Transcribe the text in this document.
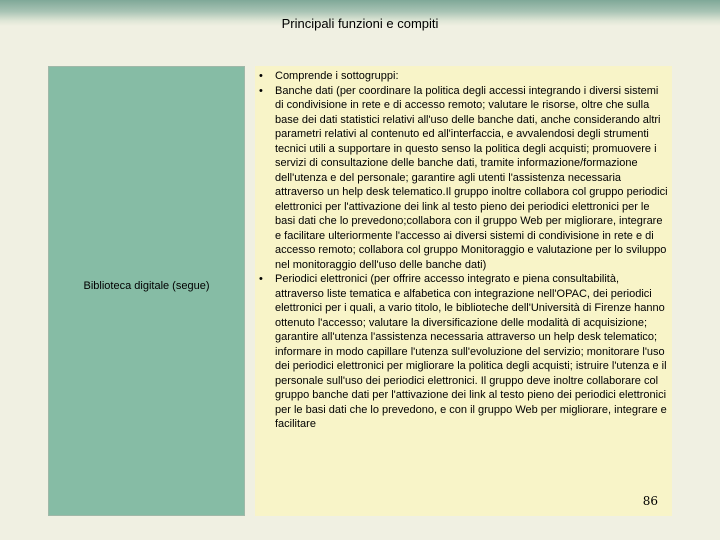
Principali funzioni e compiti
Biblioteca digitale (segue)
• Comprende i sottogruppi:
• Banche dati (per coordinare la politica degli accessi integrando i diversi sistemi di condivisione in rete e di accesso remoto; valutare le risorse, oltre che sulla base dei dati statistici relativi all'uso delle banche dati, anche considerando altri parametri relativi al contenuto ed all'interfaccia, e avvalendosi degli strumenti tecnici utili a supportare in questo senso la politica degli acquisti; promuovere i servizi di consultazione delle banche dati, tramite informazione/formazione dell'utenza e del personale; garantire agli utenti l'assistenza necessaria attraverso un help desk telematico.Il gruppo inoltre collabora col gruppo periodici elettronici per l'attivazione dei link al testo pieno dei periodici elettronici per le basi dati che lo prevedono;collabora con il gruppo Web per migliorare, integrare e facilitare ulteriormente l'accesso ai diversi sistemi di condivisione in rete e di accesso remoto; collabora col gruppo Monitoraggio e valutazione per lo sviluppo nel monitoraggio dell'uso delle banche dati)
• Periodici elettronici (per offrire accesso integrato e piena consultabilità, attraverso liste tematica e alfabetica con integrazione nell'OPAC, dei periodici elettronici per i quali, a vario titolo, le biblioteche dell'Università di Firenze hanno ottenuto l'accesso; valutare la diversificazione delle modalità di acquisizione; garantire all'utenza l'assistenza necessaria attraverso un help desk telematico; informare in modo capillare l'utenza sull'evoluzione del servizio; monitorare l'uso dei periodici elettronici per migliorare la politica degli acquisti; istruire l'utenza e il personale sull'uso dei periodici elettronici. Il gruppo deve inoltre collaborare col gruppo banche dati per l'attivazione dei link al testo pieno dei periodici elettronici per le basi dati che lo prevedono, e con il gruppo Web per migliorare, integrare e facilitare
86
